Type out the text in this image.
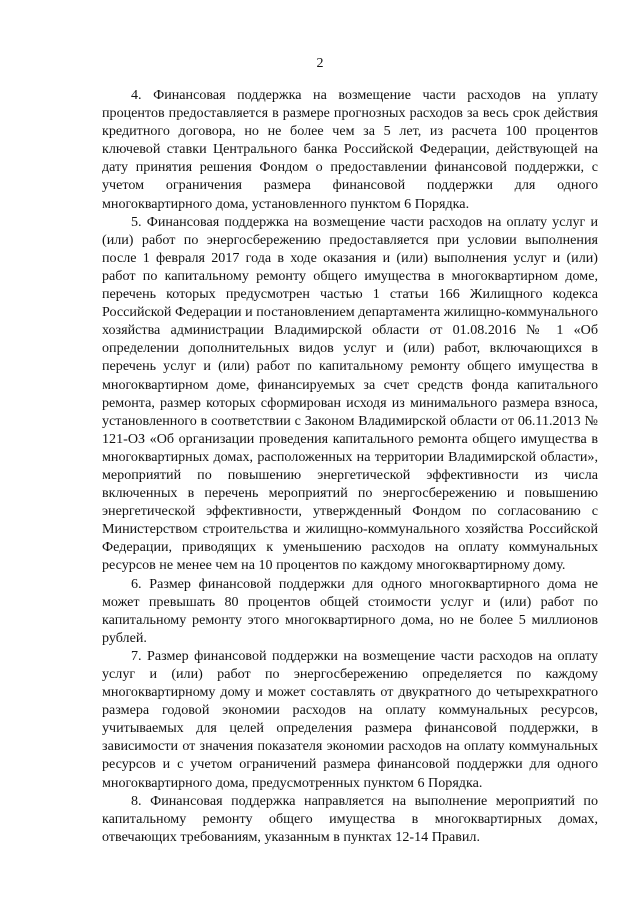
2

4. Финансовая поддержка на возмещение части расходов на уплату процентов предоставляется в размере прогнозных расходов за весь срок действия кредитного договора, но не более чем за 5 лет, из расчета 100 процентов ключевой ставки Центрального банка Российской Федерации, действующей на дату принятия решения Фондом о предоставлении финансовой поддержки, с учетом ограничения размера финансовой поддержки для одного многоквартирного дома, установленного пунктом 6 Порядка.

5. Финансовая поддержка на возмещение части расходов на оплату услуг и (или) работ по энергосбережению предоставляется при условии выполнения после 1 февраля 2017 года в ходе оказания и (или) выполнения услуг и (или) работ по капитальному ремонту общего имущества в многоквартирном доме, перечень которых предусмотрен частью 1 статьи 166 Жилищного кодекса Российской Федерации и постановлением департамента жилищно-коммунального хозяйства администрации Владимирской области от 01.08.2016 № 1 «Об определении дополнительных видов услуг и (или) работ, включающихся в перечень услуг и (или) работ по капитальному ремонту общего имущества в многоквартирном доме, финансируемых за счет средств фонда капитального ремонта, размер которых сформирован исходя из минимального размера взноса, установленного в соответствии с Законом Владимирской области от 06.11.2013 № 121-ОЗ «Об организации проведения капитального ремонта общего имущества в многоквартирных домах, расположенных на территории Владимирской области», мероприятий по повышению энергетической эффективности из числа включенных в перечень мероприятий по энергосбережению и повышению энергетической эффективности, утвержденный Фондом по согласованию с Министерством строительства и жилищно-коммунального хозяйства Российской Федерации, приводящих к уменьшению расходов на оплату коммунальных ресурсов не менее чем на 10 процентов по каждому многоквартирному дому.

6. Размер финансовой поддержки для одного многоквартирного дома не может превышать 80 процентов общей стоимости услуг и (или) работ по капитальному ремонту этого многоквартирного дома, но не более 5 миллионов рублей.

7. Размер финансовой поддержки на возмещение части расходов на оплату услуг и (или) работ по энергосбережению определяется по каждому многоквартирному дому и может составлять от двукратного до четырехкратного размера годовой экономии расходов на оплату коммунальных ресурсов, учитываемых для целей определения размера финансовой поддержки, в зависимости от значения показателя экономии расходов на оплату коммунальных ресурсов и с учетом ограничений размера финансовой поддержки для одного многоквартирного дома, предусмотренных пунктом 6 Порядка.

8. Финансовая поддержка направляется на выполнение мероприятий по капитальному ремонту общего имущества в многоквартирных домах, отвечающих требованиям, указанным в пунктах 12-14 Правил.
